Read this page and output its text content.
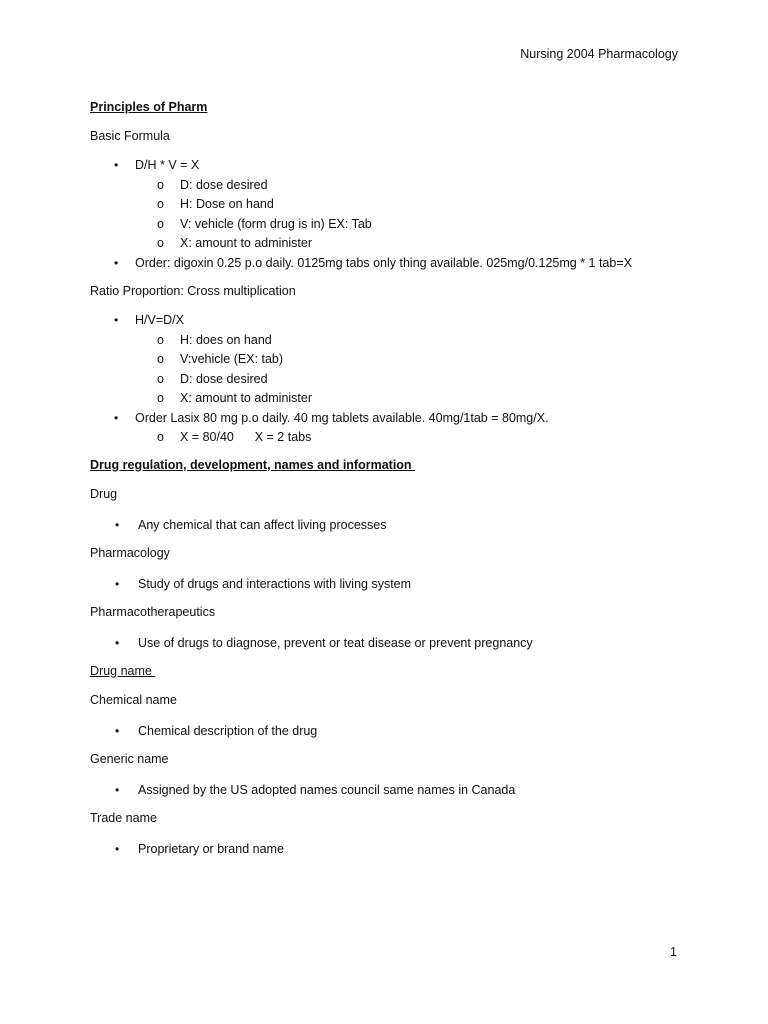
Nursing 2004 Pharmacology
Principles of Pharm
Basic Formula
• D/H * V = X
o D: dose desired
o H: Dose on hand
o V: vehicle (form drug is in) EX: Tab
o X: amount to administer
• Order: digoxin 0.25 p.o daily. 0125mg tabs only thing available. 025mg/0.125mg * 1 tab=X
Ratio Proportion: Cross multiplication
• H/V=D/X
o H: does on hand
o V:vehicle (EX: tab)
o D: dose desired
o X: amount to administer
• Order Lasix 80 mg p.o daily. 40 mg tablets available. 40mg/1tab = 80mg/X.
o X = 80/40 X = 2 tabs
Drug regulation, development, names and information
Drug
• Any chemical that can affect living processes
Pharmacology
• Study of drugs and interactions with living system
Pharmacotherapeutics
• Use of drugs to diagnose, prevent or teat disease or prevent pregnancy
Drug name
Chemical name
• Chemical description of the drug
Generic name
• Assigned by the US adopted names council same names in Canada
Trade name
• Proprietary or brand name
1
